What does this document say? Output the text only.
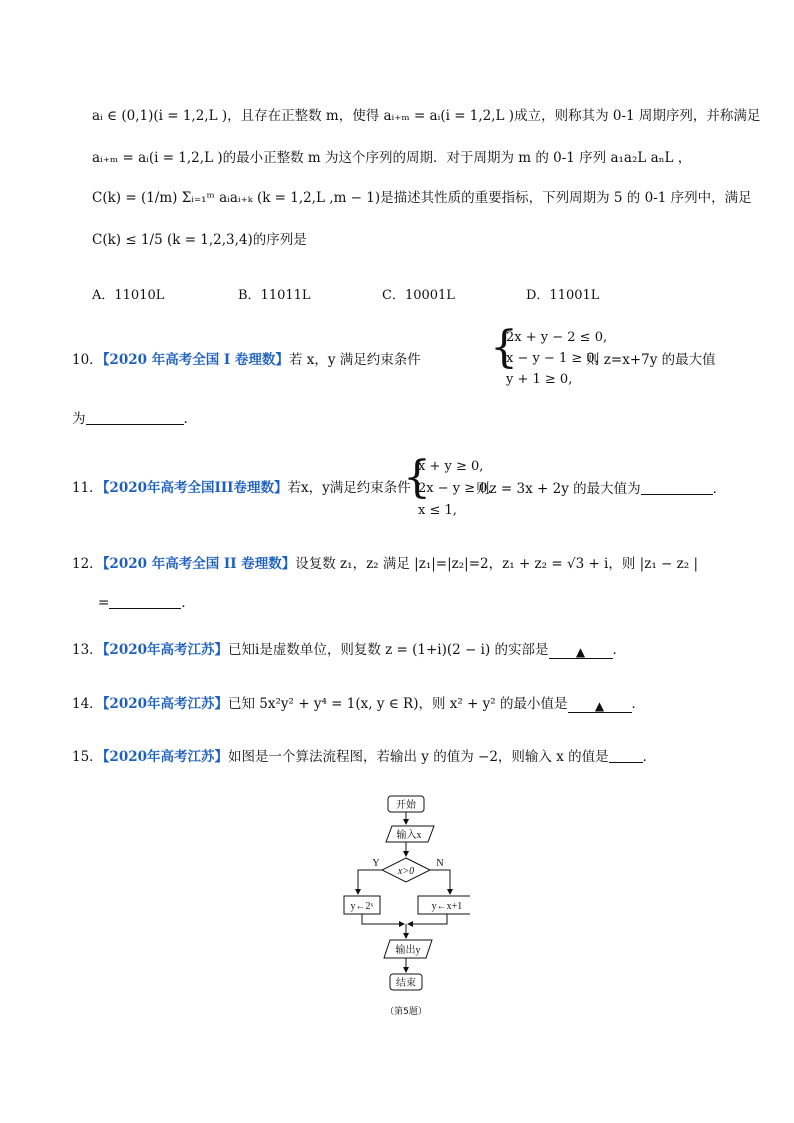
aᵢ ∈ (0,1)(i = 1,2,L )，且存在正整数 m，使得 aᵢ₊ₘ = aᵢ(i = 1,2,L )成立，则称其为 0-1 周期序列，并称满足
aᵢ₊ₘ = aᵢ(i = 1,2,L )的最小正整数 m 为这个序列的周期．对于周期为 m 的 0-1 序列 a₁a₂L aₙL ，
C(k) = (1/m) Σᵢ₌₁ᵐ aᵢaᵢ₊ₖ (k = 1,2,L ,m − 1)是描述其性质的重要指标，下列周期为 5 的 0-1 序列中，满足
C(k) ≤ 1/5 (k = 1,2,3,4)的序列是
A．11010L	B．11011L	C．10001L	D．11001L
10．【2020 年高考全国 I 卷理数】若 x，y 满足约束条件 {
2x + y − 2 ≤ 0,
x − y − 1 ≥ 0,
y + 1 ≥ 0,
则 z=x+7y 的最大值
为	.
11．【2020年高考全国III卷理数】若x，y满足约束条件
{
x + y ≥ 0,
2x − y ≥ 0,
x ≤ 1,
则z = 3x + 2y 的最大值为	．
12．【2020 年高考全国 II 卷理数】设复数 z₁，z₂ 满足 |z₁|=|z₂|=2，z₁ + z₂ = √3 + i，则 |z₁ − z₂ |
=	．
13．【2020年高考江苏】已知i是虚数单位，则复数 z = (1+i)(2 − i) 的实部是 ▲ ．
14．【2020年高考江苏】已知 5x²y² + y⁴ = 1(x, y ∈ R)，则 x² + y² 的最小值是 ▲ ．
15．【2020年高考江苏】如图是一个算法流程图，若输出 y 的值为 −2，则输入 x 的值是	．
开始
输入x
x>0
Y	N
y←2ˣ	y←x+1
输出y
结束
（第5题）
